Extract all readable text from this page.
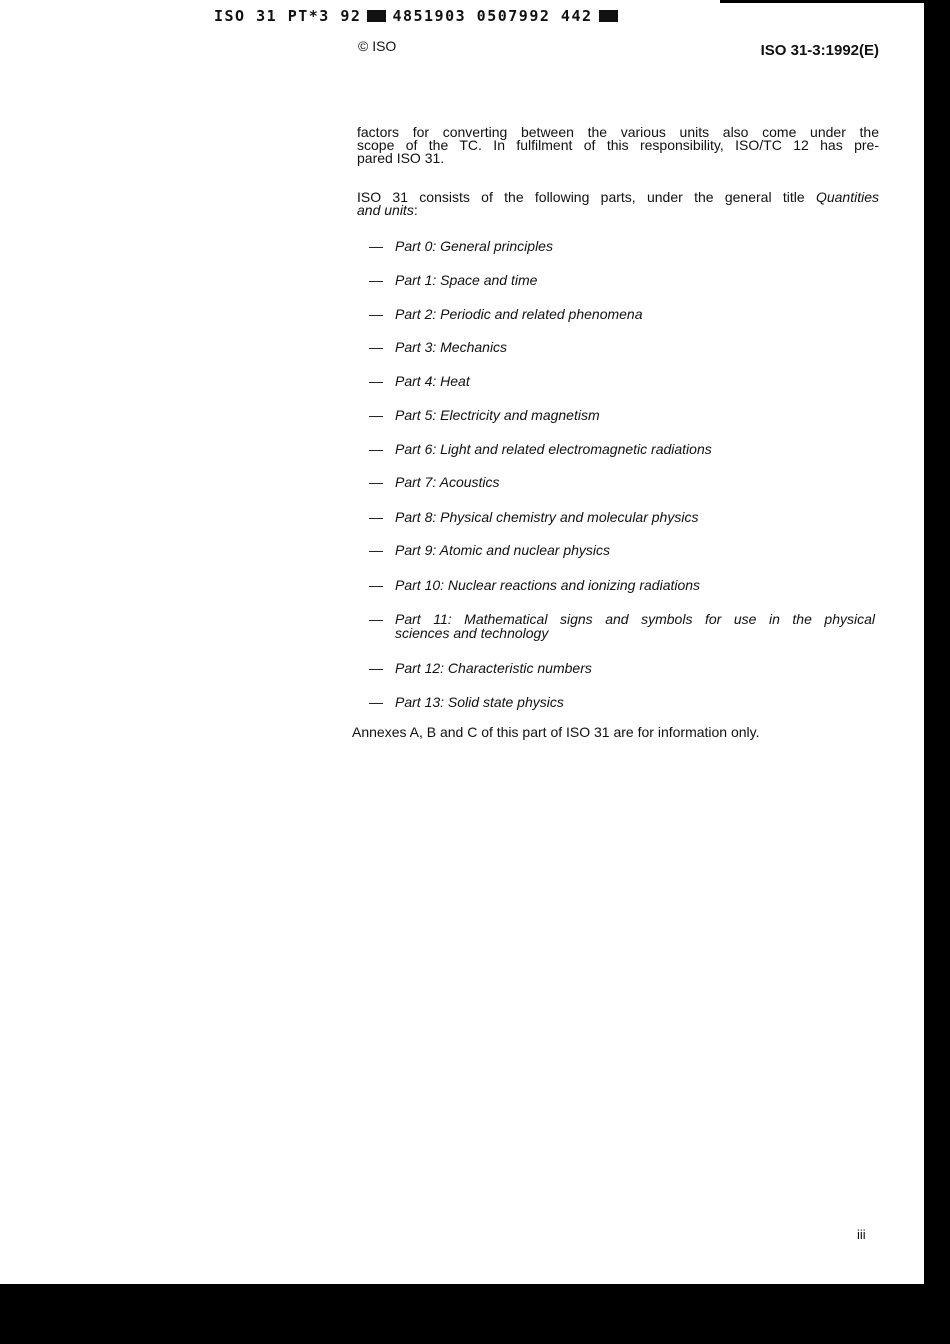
ISO 31 PT*3 92 4851903 0507992 442
© ISO	ISO 31-3:1992(E)
factors for converting between the various units also come under the
scope of the TC. In fulfilment of this responsibility, ISO/TC 12 has pre-
pared ISO 31.
ISO 31 consists of the following parts, under the general title Quantities
and units:
— Part 0: General principles
— Part 1: Space and time
— Part 2: Periodic and related phenomena
— Part 3: Mechanics
— Part 4: Heat
— Part 5: Electricity and magnetism
— Part 6: Light and related electromagnetic radiations
— Part 7: Acoustics
— Part 8: Physical chemistry and molecular physics
— Part 9: Atomic and nuclear physics
— Part 10: Nuclear reactions and ionizing radiations
— Part 11: Mathematical signs and symbols for use in the physical
sciences and technology
— Part 12: Characteristic numbers
— Part 13: Solid state physics
Annexes A, B and C of this part of ISO 31 are for information only.
iii
